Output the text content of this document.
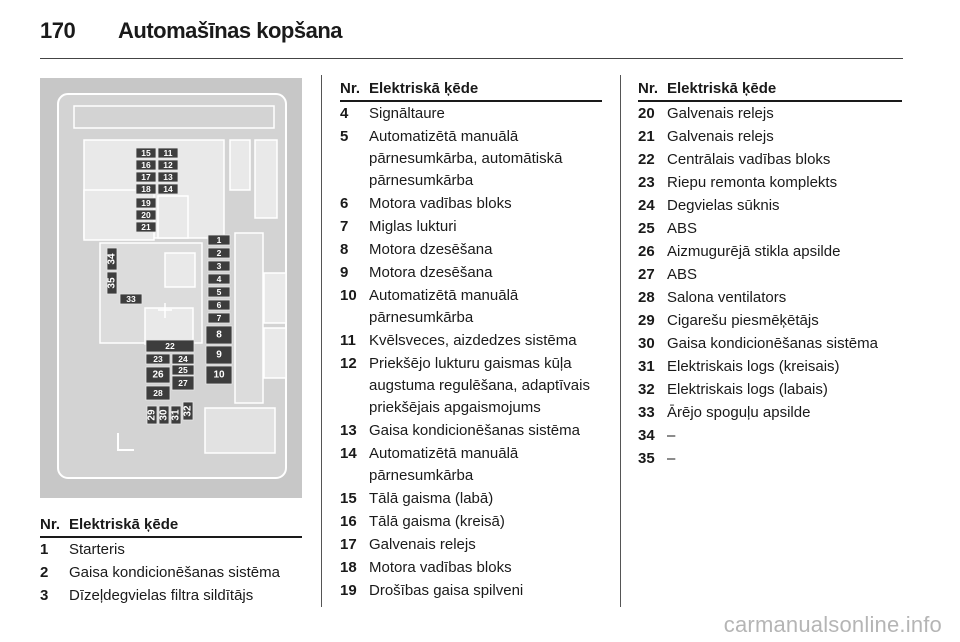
170 Automašīnas kopšana
1
2
3
4
5
6
7
8
9
10
11
12
13
14
15
16
17
18
19
20
21
22
23 24
25
26
27
28
29 30 31 32
33
34
35
Nr. Elektriskā ķēde
1 Starteris
2 Gaisa kondicionēšanas sistēma
3 Dīzeļdegvielas filtra sildītājs
Nr. Elektriskā ķēde
4 Signāltaure
5 Automatizētā manuālā pārnesumkārba, automātiskā pārnesumkārba
6 Motora vadības bloks
7 Miglas lukturi
8 Motora dzesēšana
9 Motora dzesēšana
10 Automatizētā manuālā pārnesumkārba
11 Kvēlsveces, aizdedzes sistēma
12 Priekšējo lukturu gaismas kūļa augstuma regulēšana, adaptīvais priekšējais apgaismojums
13 Gaisa kondicionēšanas sistēma
14 Automatizētā manuālā pārnesumkārba
15 Tālā gaisma (labā)
16 Tālā gaisma (kreisā)
17 Galvenais relejs
18 Motora vadības bloks
19 Drošības gaisa spilveni
Nr. Elektriskā ķēde
20 Galvenais relejs
21 Galvenais relejs
22 Centrālais vadības bloks
23 Riepu remonta komplekts
24 Degvielas sūknis
25 ABS
26 Aizmugurējā stikla apsilde
27 ABS
28 Salona ventilators
29 Cigarešu piesmēķētājs
30 Gaisa kondicionēšanas sistēma
31 Elektriskais logs (kreisais)
32 Elektriskais logs (labais)
33 Ārējo spoguļu apsilde
34 –
35 –
carmanualsonline.info
